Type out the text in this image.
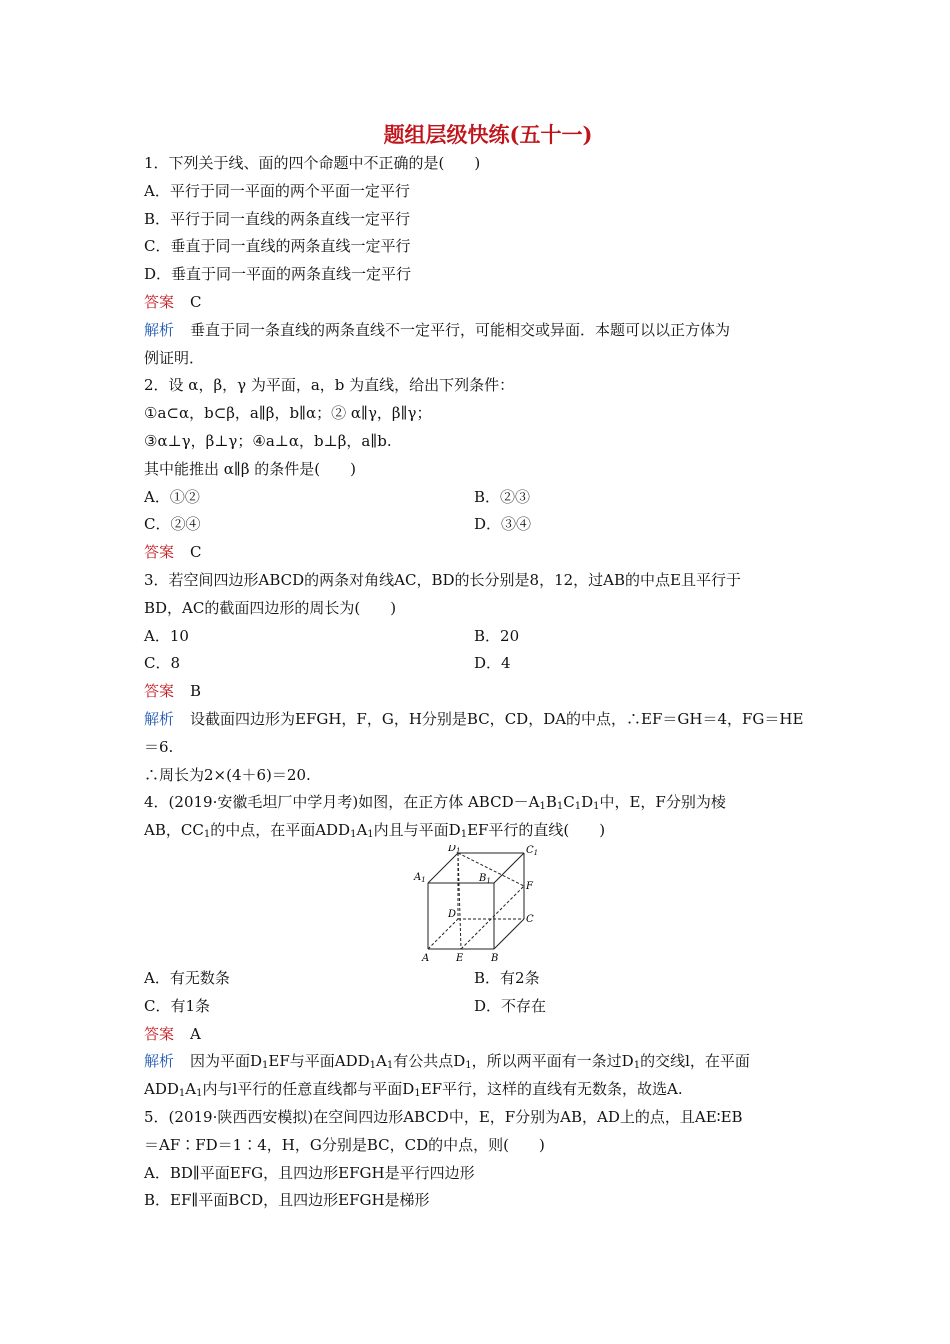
题组层级快练(五十一)
1．下列关于线、面的四个命题中不正确的是(　　)
A．平行于同一平面的两个平面一定平行
B．平行于同一直线的两条直线一定平行
C．垂直于同一直线的两条直线一定平行
D．垂直于同一平面的两条直线一定平行
答案 C
解析 垂直于同一条直线的两条直线不一定平行，可能相交或异面．本题可以以正方体为
例证明．
2．设 α，β，γ 为平面，a，b 为直线，给出下列条件：
①a⊂α，b⊂β，a∥β，b∥α；② α∥γ，β∥γ；
③α⊥γ，β⊥γ；④a⊥α，b⊥β，a∥b.
其中能推出 α∥β 的条件是(　　)
A．①②	B．②③
C．②④	D．③④
答案 C
3．若空间四边形ABCD的两条对角线AC，BD的长分别是8，12，过AB的中点E且平行于
BD，AC的截面四边形的周长为(　　)
A．10	B．20
C．8	D．4
答案 B
解析 设截面四边形为EFGH，F，G，H分别是BC，CD，DA的中点，∴EF＝GH＝4，FG＝HE
＝6.
∴周长为2×(4＋6)＝20.
4．(2019·安徽毛坦厂中学月考)如图，在正方体 $ABCD-A_1B_1C_1D_1$中，E，F分别为棱
AB，$CC_1$的中点，在平面$ADD_1A_1$内且与平面$D_1EF$平行的直线(　　)
$D_1$	$C_1$
$A_1$	$B_1$	F
D	C
A	E	B
A．有无数条	B．有2条
C．有1条	D．不存在
答案 A
解析 因为平面$D_1EF$与平面$ADD_1A_1$有公共点$D_1$，所以两平面有一条过$D_1$的交线l，在平面
$ADD_1A_1$内与l平行的任意直线都与平面$D_1EF$平行，这样的直线有无数条，故选A.
5．(2019·陕西西安模拟)在空间四边形ABCD中，E，F分别为AB，AD上的点，且AE∶EB
＝AF∶FD＝1∶4，H，G分别是BC，CD的中点，则(　　)
A．BD∥平面EFG，且四边形EFGH是平行四边形
B．EF∥平面BCD，且四边形EFGH是梯形
